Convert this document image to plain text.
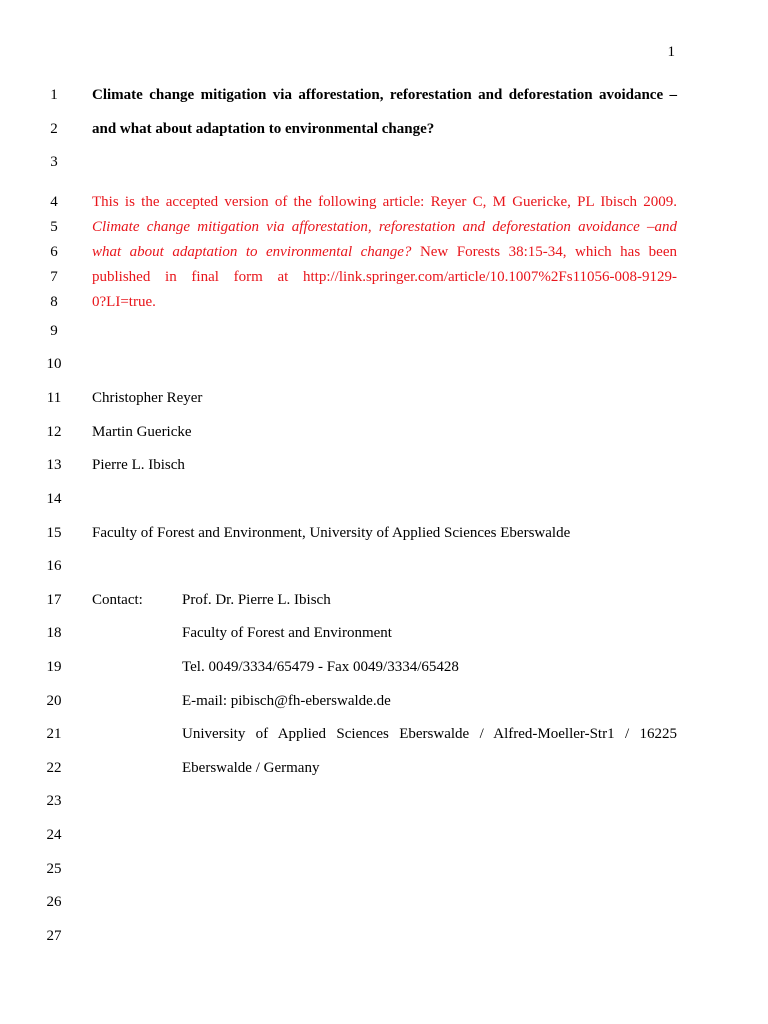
1
1	Climate change mitigation via afforestation, reforestation and deforestation avoidance –
2	and what about adaptation to environmental change?
3
4	This is the accepted version of the following article: Reyer C, M Guericke, PL Ibisch 2009.
5	Climate change mitigation via afforestation, reforestation and deforestation avoidance –and
6	what about adaptation to environmental change? New Forests 38:15-34, which has been
7	published in final form at http://link.springer.com/article/10.1007%2Fs11056-008-9129-
8	0?LI=true.
9
10
11	Christopher Reyer
12	Martin Guericke
13	Pierre L. Ibisch
14
15	Faculty of Forest and Environment, University of Applied Sciences Eberswalde
16
17	Contact:	Prof. Dr. Pierre L. Ibisch
18	Faculty of Forest and Environment
19	Tel. 0049/3334/65479 - Fax 0049/3334/65428
20	E-mail: pibisch@fh-eberswalde.de
21	University of Applied Sciences Eberswalde / Alfred-Moeller-Str1 / 16225
22	Eberswalde / Germany
23
24
25
26
27
